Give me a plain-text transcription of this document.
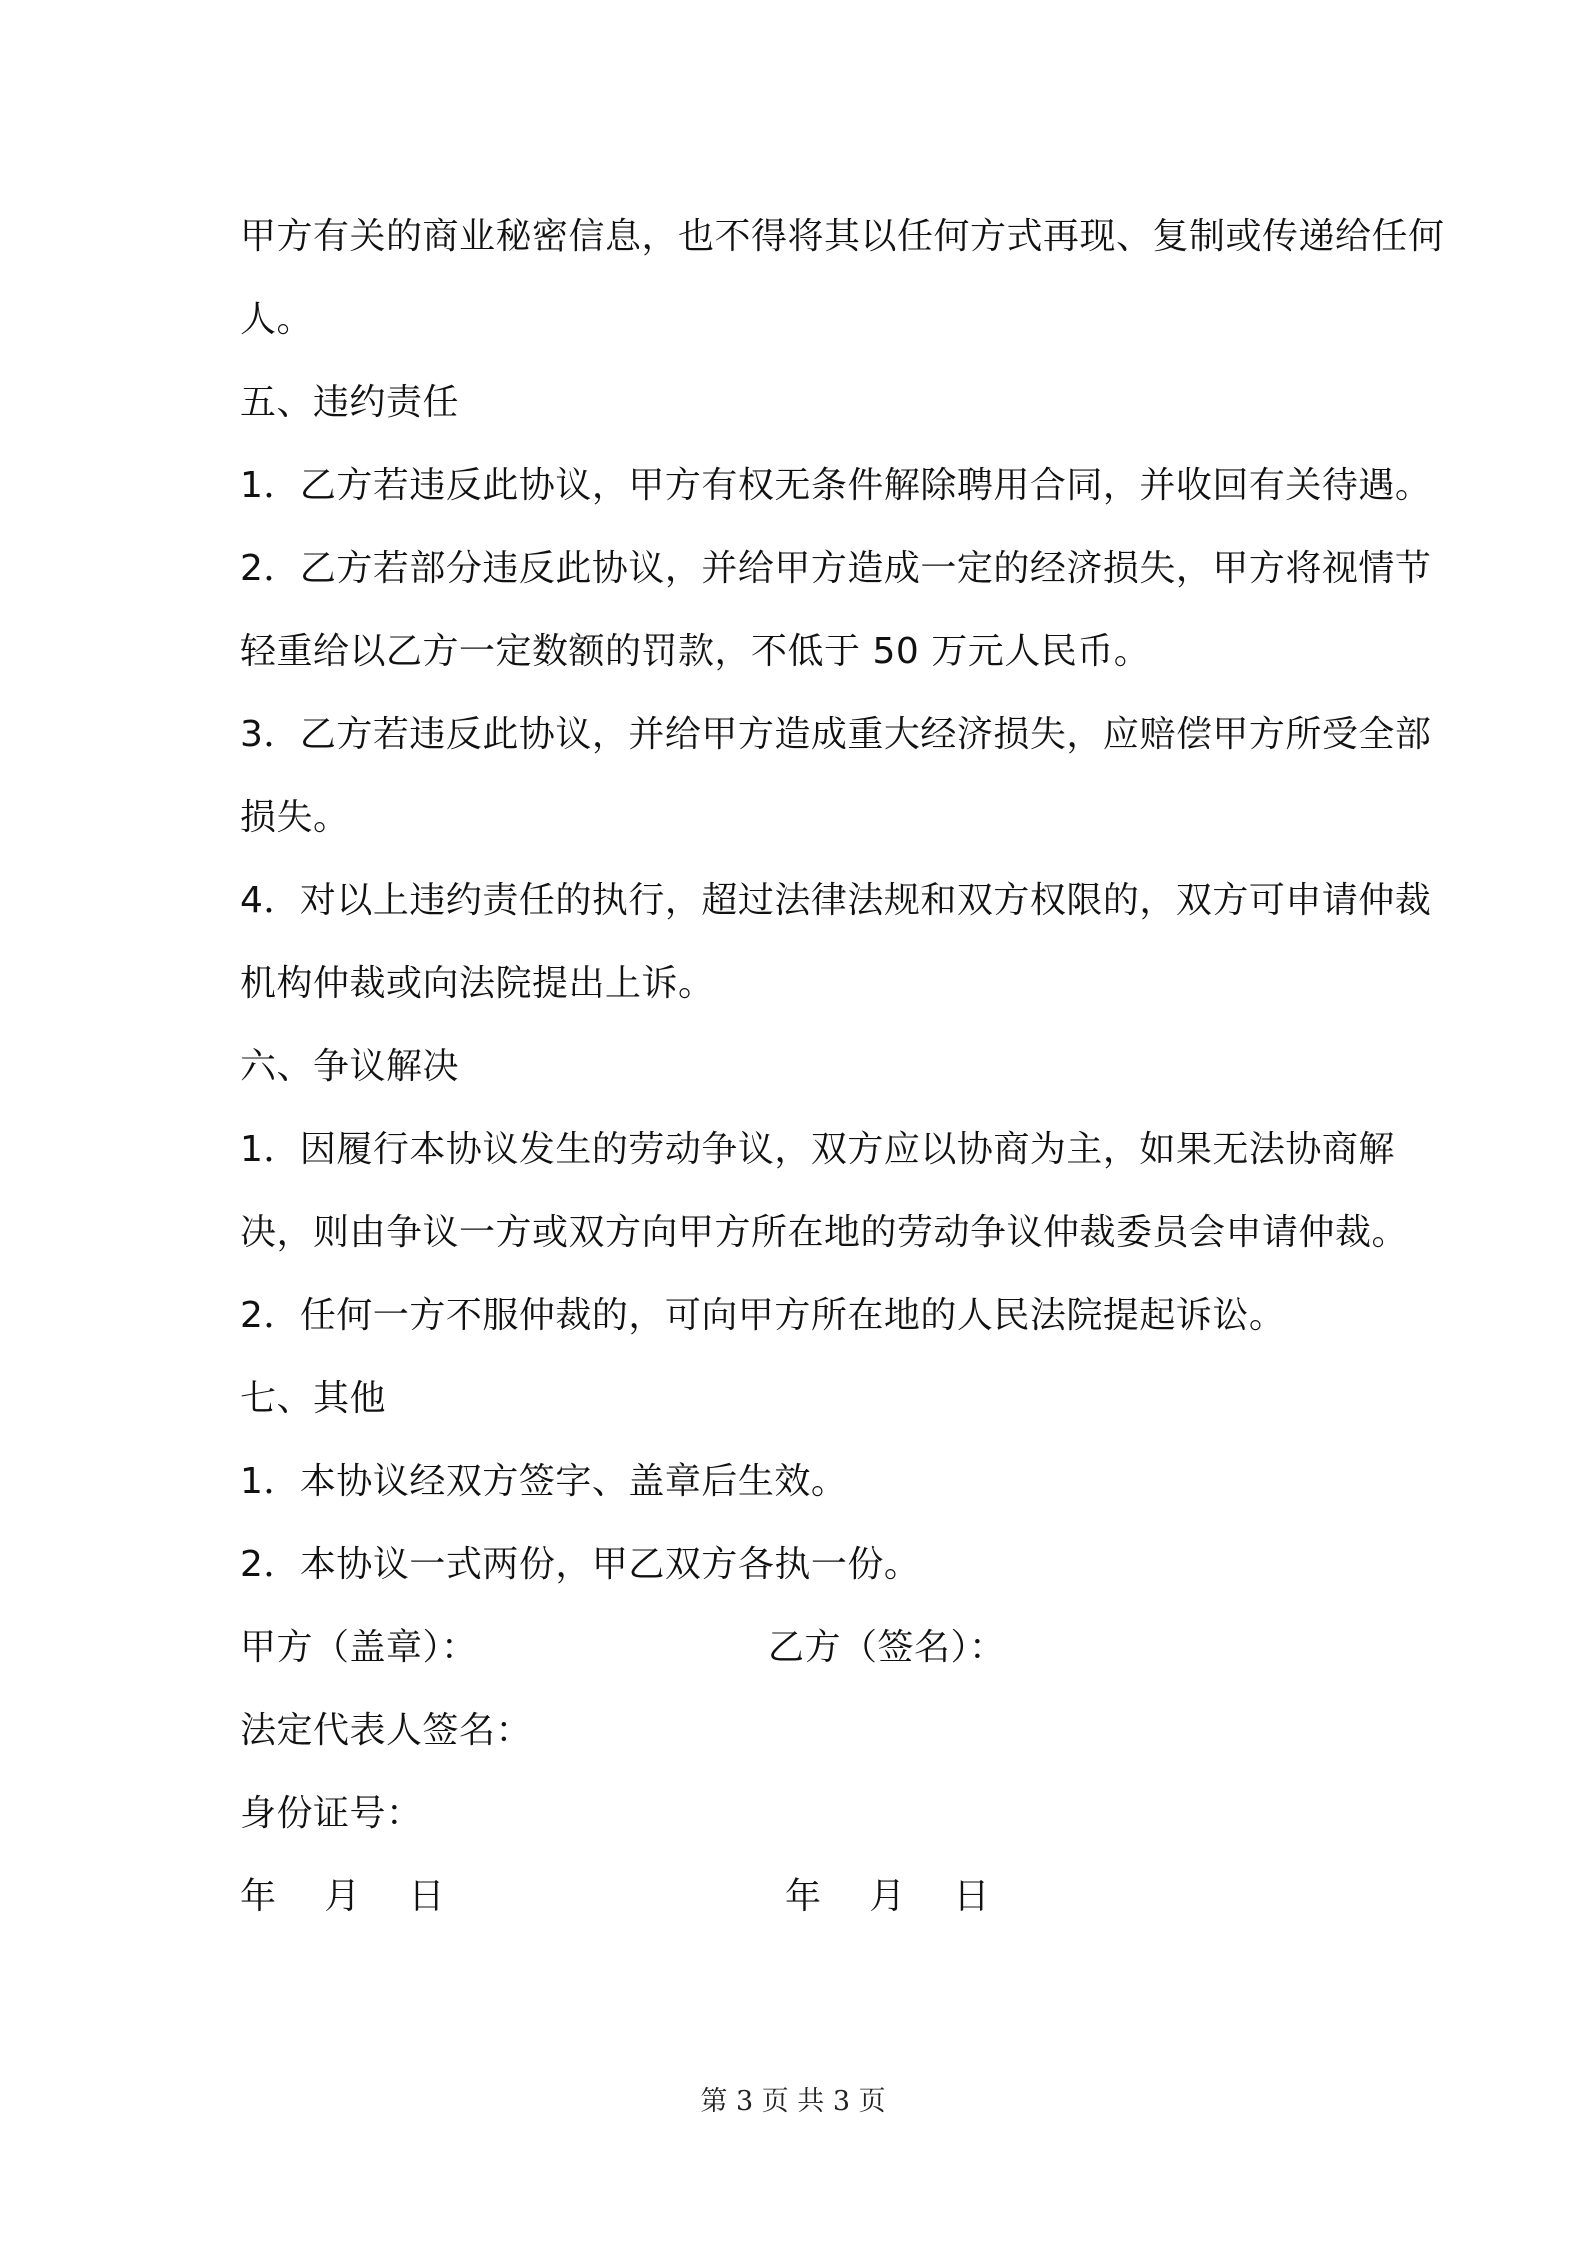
甲方有关的商业秘密信息，也不得将其以任何方式再现、复制或传递给任何人。

五、违约责任

1．乙方若违反此协议，甲方有权无条件解除聘用合同，并收回有关待遇。

2．乙方若部分违反此协议，并给甲方造成一定的经济损失，甲方将视情节轻重给以乙方一定数额的罚款，不低于 50 万元人民币。

3．乙方若违反此协议，并给甲方造成重大经济损失，应赔偿甲方所受全部损失。

4．对以上违约责任的执行，超过法律法规和双方权限的，双方可申请仲裁机构仲裁或向法院提出上诉。

六、争议解决

1．因履行本协议发生的劳动争议，双方应以协商为主，如果无法协商解决，则由争议一方或双方向甲方所在地的劳动争议仲裁委员会申请仲裁。

2．任何一方不服仲裁的，可向甲方所在地的人民法院提起诉讼。

七、其他

1．本协议经双方签字、盖章后生效。

2．本协议一式两份，甲乙双方各执一份。

甲方（盖章）：	乙方（签名）：
法定代表人签名：
身份证号：
年    月    日	年    月    日
第 3 页 共 3 页
